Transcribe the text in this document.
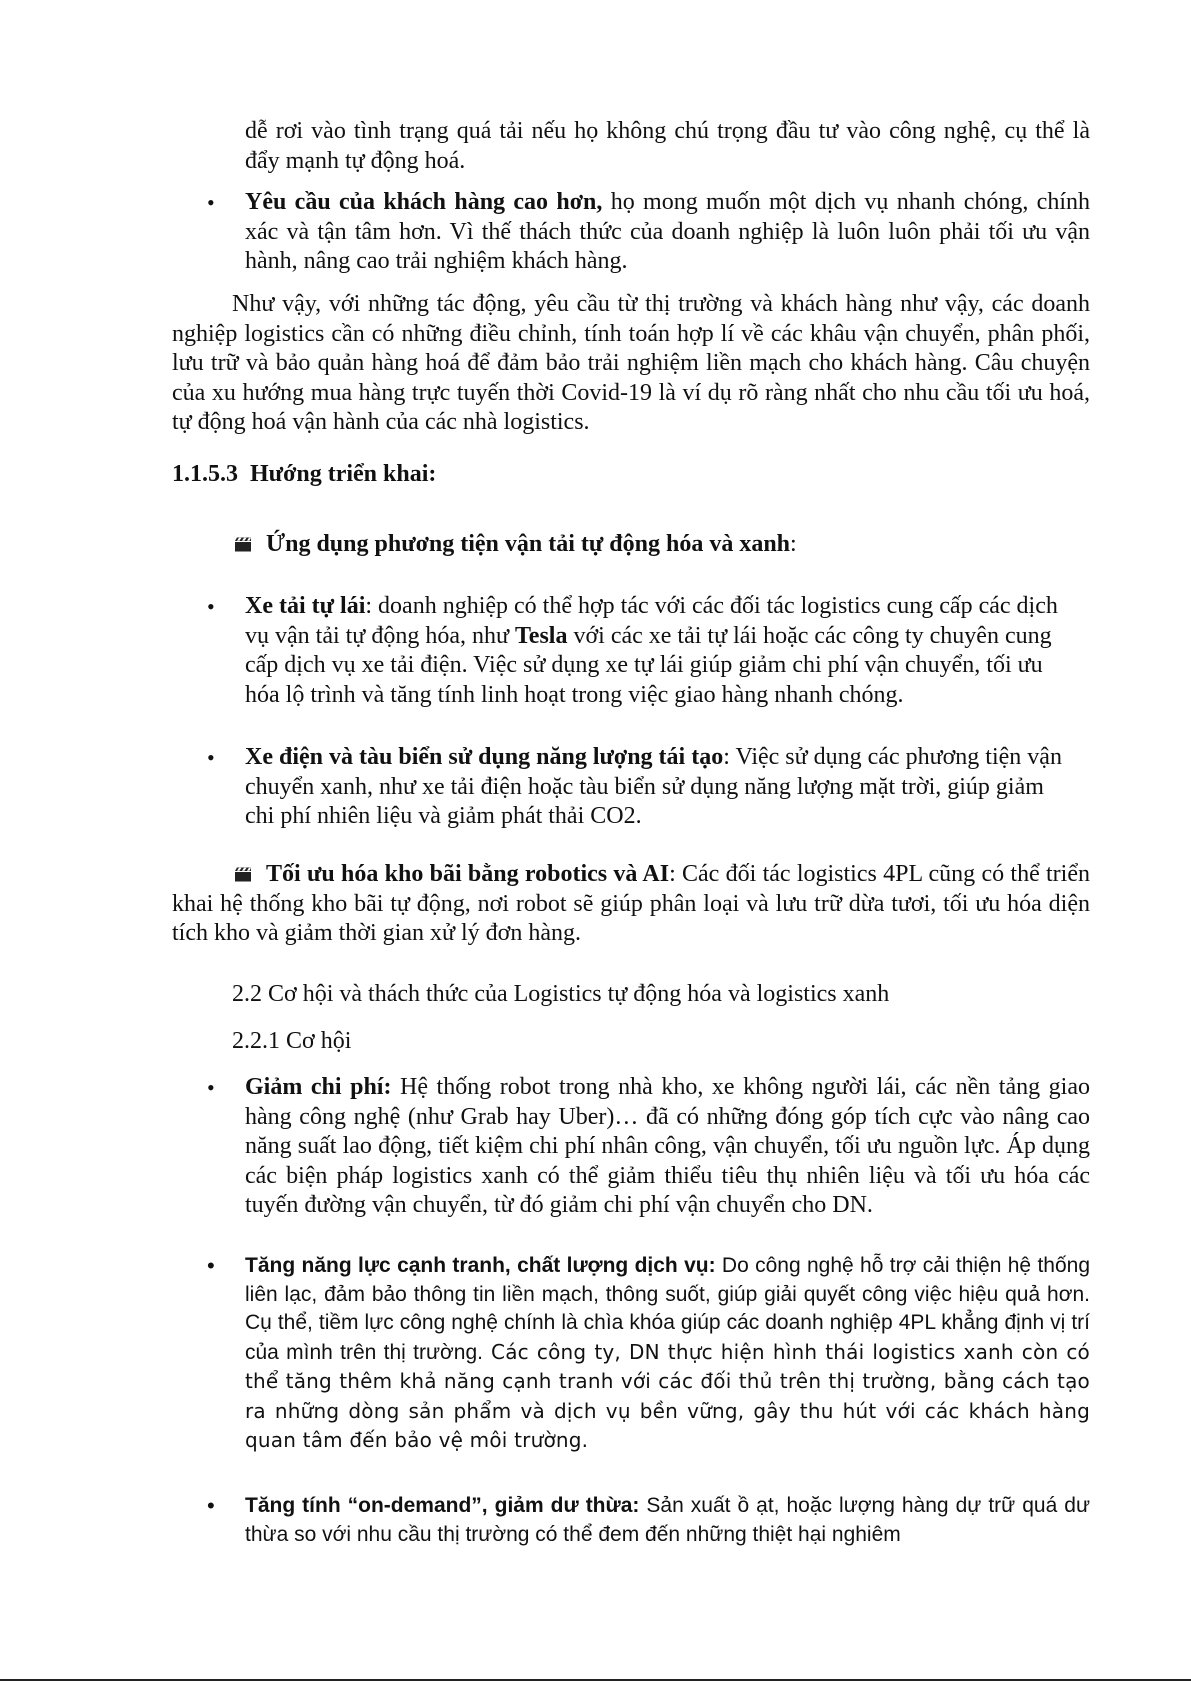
dễ rơi vào tình trạng quá tải nếu họ không chú trọng đầu tư vào công nghệ, cụ thể là đẩy mạnh tự động hoá.

• Yêu cầu của khách hàng cao hơn, họ mong muốn một dịch vụ nhanh chóng, chính xác và tận tâm hơn. Vì thế thách thức của doanh nghiệp là luôn luôn phải tối ưu vận hành, nâng cao trải nghiệm khách hàng.

Như vậy, với những tác động, yêu cầu từ thị trường và khách hàng như vậy, các doanh nghiệp logistics cần có những điều chỉnh, tính toán hợp lí về các khâu vận chuyển, phân phối, lưu trữ và bảo quản hàng hoá để đảm bảo trải nghiệm liền mạch cho khách hàng. Câu chuyện của xu hướng mua hàng trực tuyến thời Covid-19 là ví dụ rõ ràng nhất cho nhu cầu tối ưu hoá, tự động hoá vận hành của các nhà logistics.

1.1.5.3  Hướng triển khai:

Ứng dụng phương tiện vận tải tự động hóa và xanh:

• Xe tải tự lái: doanh nghiệp có thể hợp tác với các đối tác logistics cung cấp các dịch vụ vận tải tự động hóa, như Tesla với các xe tải tự lái hoặc các công ty chuyên cung cấp dịch vụ xe tải điện. Việc sử dụng xe tự lái giúp giảm chi phí vận chuyển, tối ưu hóa lộ trình và tăng tính linh hoạt trong việc giao hàng nhanh chóng.

• Xe điện và tàu biển sử dụng năng lượng tái tạo: Việc sử dụng các phương tiện vận chuyển xanh, như xe tải điện hoặc tàu biển sử dụng năng lượng mặt trời, giúp giảm chi phí nhiên liệu và giảm phát thải CO2.

Tối ưu hóa kho bãi bằng robotics và AI: Các đối tác logistics 4PL cũng có thể triển khai hệ thống kho bãi tự động, nơi robot sẽ giúp phân loại và lưu trữ dừa tươi, tối ưu hóa diện tích kho và giảm thời gian xử lý đơn hàng.

2.2 Cơ hội và thách thức của Logistics tự động hóa và logistics xanh

2.2.1 Cơ hội

• Giảm chi phí: Hệ thống robot trong nhà kho, xe không người lái, các nền tảng giao hàng công nghệ (như Grab hay Uber)… đã có những đóng góp tích cực vào nâng cao năng suất lao động, tiết kiệm chi phí nhân công, vận chuyển, tối ưu nguồn lực. Áp dụng các biện pháp logistics xanh có thể giảm thiểu tiêu thụ nhiên liệu và tối ưu hóa các tuyến đường vận chuyển, từ đó giảm chi phí vận chuyển cho DN.

• Tăng năng lực cạnh tranh, chất lượng dịch vụ: Do công nghệ hỗ trợ cải thiện hệ thống liên lạc, đảm bảo thông tin liền mạch, thông suốt, giúp giải quyết công việc hiệu quả hơn. Cụ thể, tiềm lực công nghệ chính là chìa khóa giúp các doanh nghiệp 4PL khẳng định vị trí của mình trên thị trường. Các công ty, DN thực hiện hình thái logistics xanh còn có thể tăng thêm khả năng cạnh tranh với các đối thủ trên thị trường, bằng cách tạo ra những dòng sản phẩm và dịch vụ bền vững, gây thu hút với các khách hàng quan tâm đến bảo vệ môi trường.

• Tăng tính “on-demand”, giảm dư thừa: Sản xuất ồ ạt, hoặc lượng hàng dự trữ quá dư thừa so với nhu cầu thị trường có thể đem đến những thiệt hại nghiêm
